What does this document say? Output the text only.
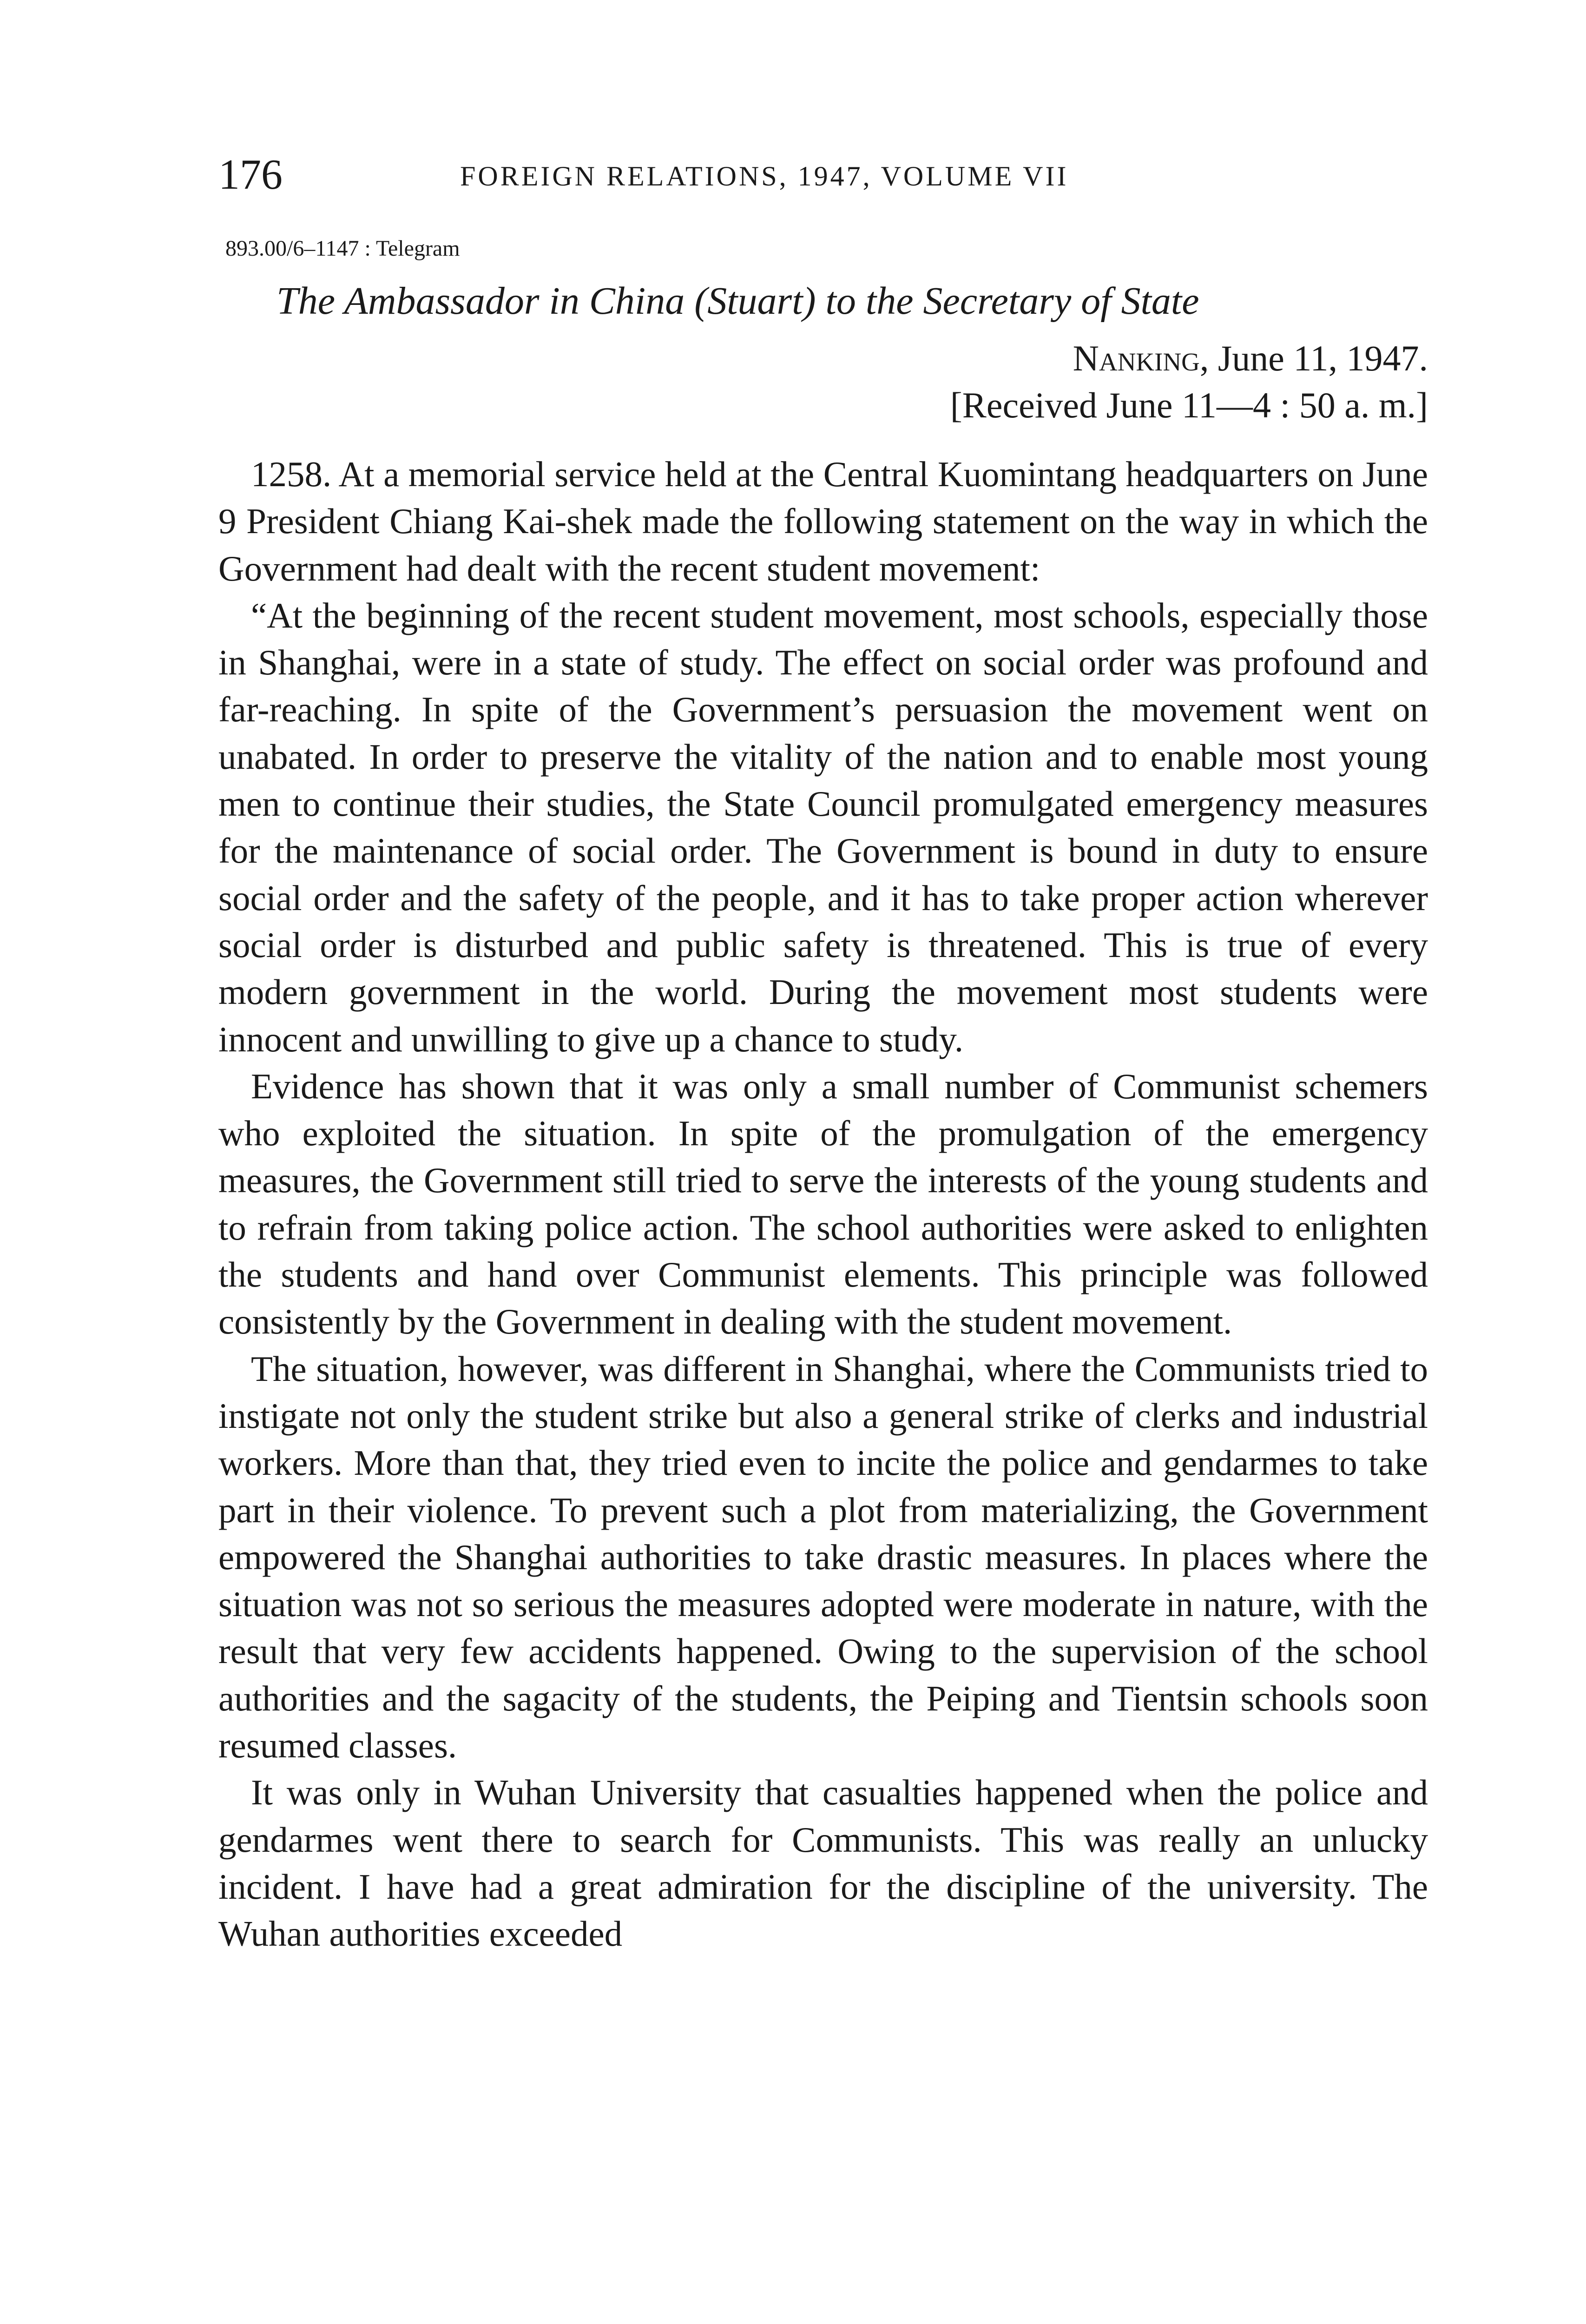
176	FOREIGN RELATIONS, 1947, VOLUME VII
893.00/6–1147 : Telegram
The Ambassador in China (Stuart) to the Secretary of State
Nanking, June 11, 1947.
[Received June 11—4 : 50 a. m.]

1258. At a memorial service held at the Central Kuomintang headquarters on June 9 President Chiang Kai-shek made the following statement on the way in which the Government had dealt with the recent student movement:

“At the beginning of the recent student movement, most schools, especially those in Shanghai, were in a state of study. The effect on social order was profound and far-reaching. In spite of the Government’s persuasion the movement went on unabated. In order to preserve the vitality of the nation and to enable most young men to continue their studies, the State Council promulgated emergency measures for the maintenance of social order. The Government is bound in duty to ensure social order and the safety of the people, and it has to take proper action wherever social order is disturbed and public safety is threatened. This is true of every modern government in the world. During the movement most students were innocent and unwilling to give up a chance to study.

Evidence has shown that it was only a small number of Communist schemers who exploited the situation. In spite of the promulgation of the emergency measures, the Government still tried to serve the interests of the young students and to refrain from taking police action. The school authorities were asked to enlighten the students and hand over Communist elements. This principle was followed consistently by the Government in dealing with the student movement.

The situation, however, was different in Shanghai, where the Communists tried to instigate not only the student strike but also a general strike of clerks and industrial workers. More than that, they tried even to incite the police and gendarmes to take part in their violence. To prevent such a plot from materializing, the Government empowered the Shanghai authorities to take drastic measures. In places where the situation was not so serious the measures adopted were moderate in nature, with the result that very few accidents happened. Owing to the supervision of the school authorities and the sagacity of the students, the Peiping and Tientsin schools soon resumed classes.

It was only in Wuhan University that casualties happened when the police and gendarmes went there to search for Communists. This was really an unlucky incident. I have had a great admiration for the discipline of the university. The Wuhan authorities exceeded
